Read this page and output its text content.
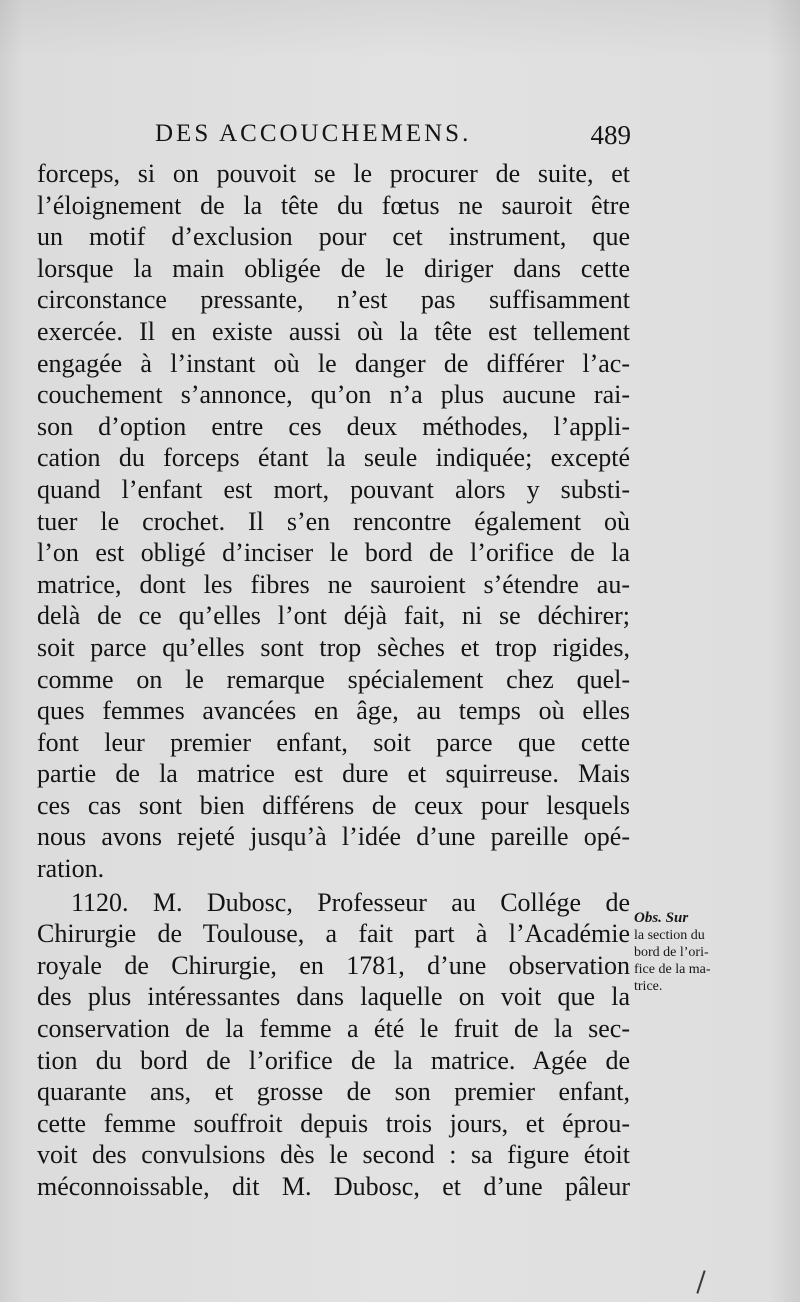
DES ACCOUCHEMENS.	489
forceps, si on pouvoit se le procurer de suite, et
l’éloignement de la tête du fœtus ne sauroit être
un motif d’exclusion pour cet instrument, que
lorsque la main obligée de le diriger dans cette
circonstance pressante, n’est pas suffisamment
exercée. Il en existe aussi où la tête est tellement
engagée à l’instant où le danger de différer l’ac-
couchement s’annonce, qu’on n’a plus aucune rai-
son d’option entre ces deux méthodes, l’appli-
cation du forceps étant la seule indiquée; excepté
quand l’enfant est mort, pouvant alors y substi-
tuer le crochet. Il s’en rencontre également où
l’on est obligé d’inciser le bord de l’orifice de la
matrice, dont les fibres ne sauroient s’étendre au-
delà de ce qu’elles l’ont déjà fait, ni se déchirer;
soit parce qu’elles sont trop sèches et trop rigides,
comme on le remarque spécialement chez quel-
ques femmes avancées en âge, au temps où elles
font leur premier enfant, soit parce que cette
partie de la matrice est dure et squirreuse. Mais
ces cas sont bien différens de ceux pour lesquels
nous avons rejeté jusqu’à l’idée d’une pareille opé-
ration.
1120. M. Dubosc, Professeur au Collége de
Chirurgie de Toulouse, a fait part à l’Académie
royale de Chirurgie, en 1781, d’une observation
des plus intéressantes dans laquelle on voit que la
conservation de la femme a été le fruit de la sec-
tion du bord de l’orifice de la matrice. Agée de
quarante ans, et grosse de son premier enfant,
cette femme souffroit depuis trois jours, et éprou-
voit des convulsions dès le second : sa figure étoit
méconnoissable, dit M. Dubosc, et d’une pâleur
Obs. Sur
la section du
bord de l’ori-
fice de la ma-
trice.
